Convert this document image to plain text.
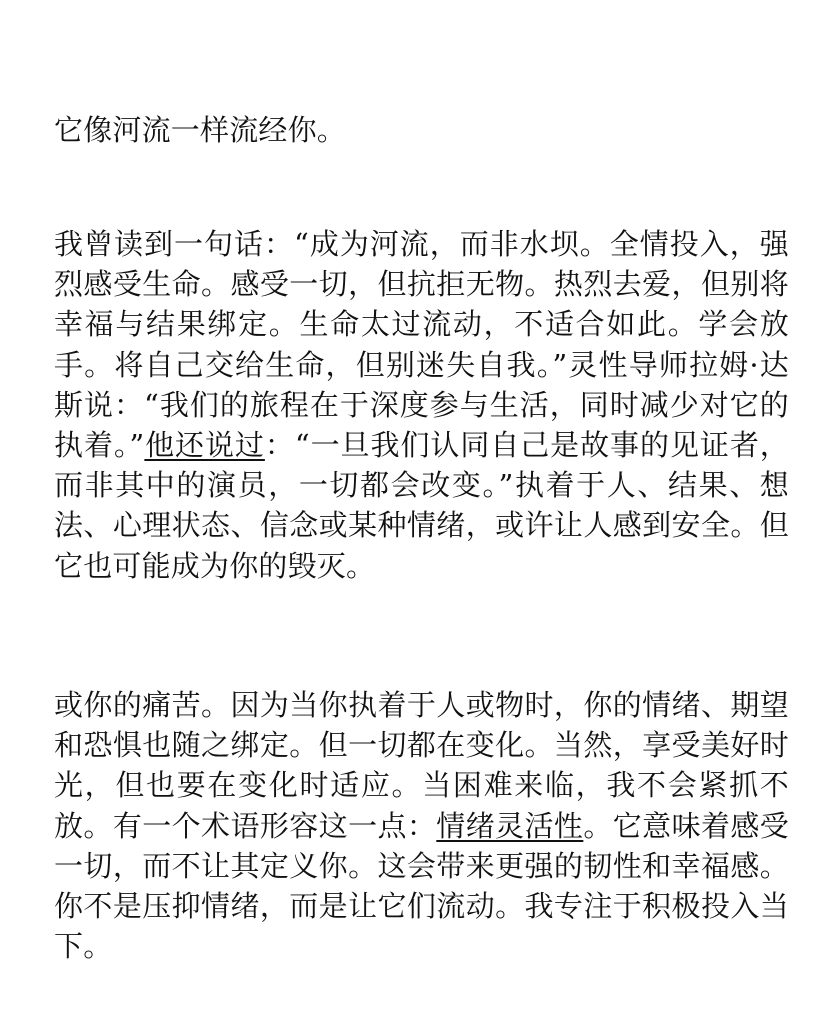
它像河流一样流经你。

我曾读到一句话：“成为河流，而非水坝。全情投入，强烈感受生命。感受一切，但抗拒无物。热烈去爱，但别将幸福与结果绑定。生命太过流动，不适合如此。学会放手。将自己交给生命，但别迷失自我。”灵性导师拉姆·达斯说：“我们的旅程在于深度参与生活，同时减少对它的执着。”他还说过：“一旦我们认同自己是故事的见证者，而非其中的演员，一切都会改变。”执着于人、结果、想法、心理状态、信念或某种情绪，或许让人感到安全。但它也可能成为你的毁灭。

或你的痛苦。因为当你执着于人或物时，你的情绪、期望和恐惧也随之绑定。但一切都在变化。当然，享受美好时光，但也要在变化时适应。当困难来临，我不会紧抓不放。有一个术语形容这一点：情绪灵活性。它意味着感受一切，而不让其定义你。这会带来更强的韧性和幸福感。你不是压抑情绪，而是让它们流动。我专注于积极投入当下。
